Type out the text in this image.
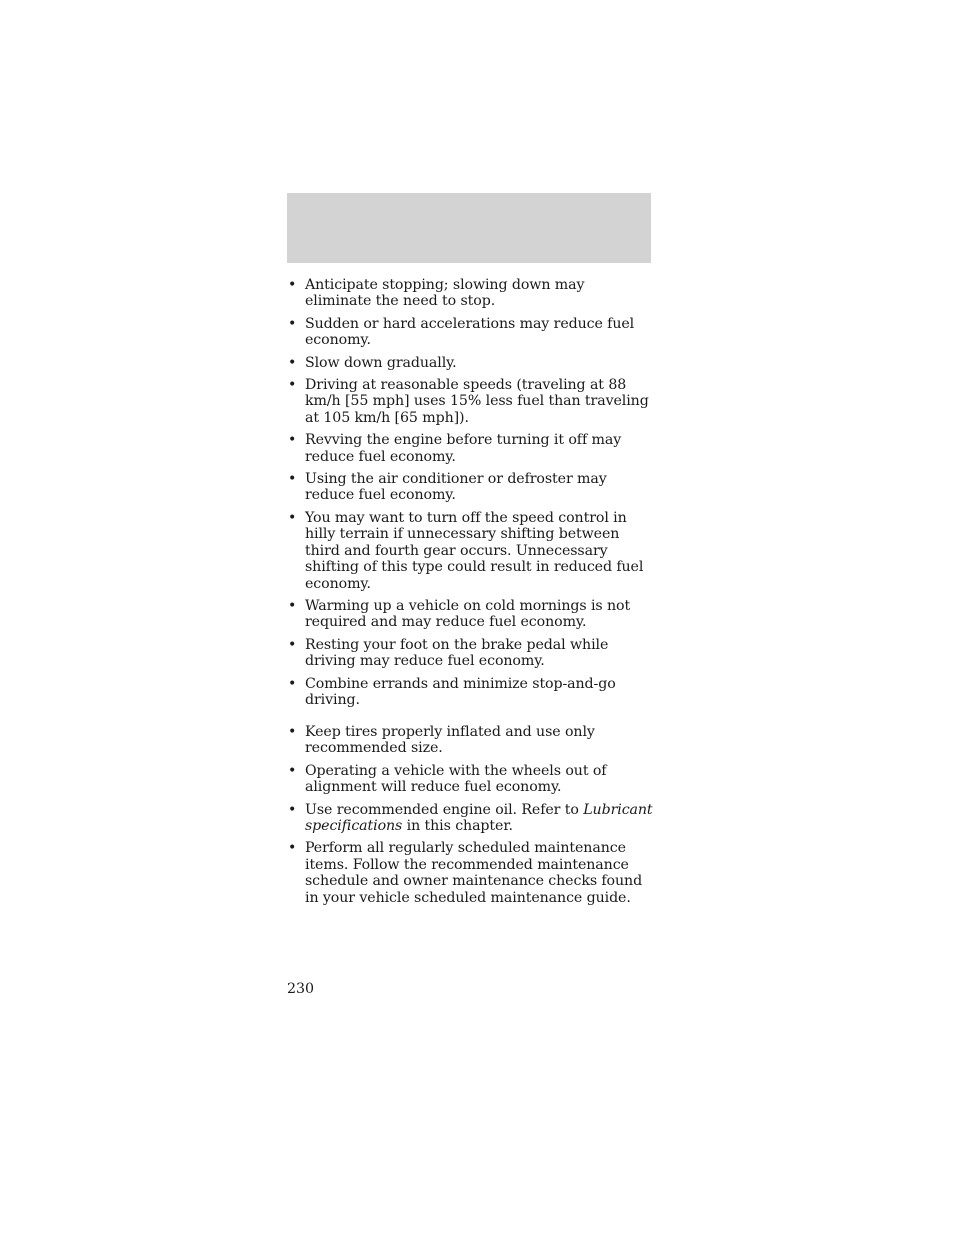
• Anticipate stopping; slowing down may eliminate the need to stop.
• Sudden or hard accelerations may reduce fuel economy.
• Slow down gradually.
• Driving at reasonable speeds (traveling at 88 km/h [55 mph] uses 15% less fuel than traveling at 105 km/h [65 mph]).
• Revving the engine before turning it off may reduce fuel economy.
• Using the air conditioner or defroster may reduce fuel economy.
• You may want to turn off the speed control in hilly terrain if unnecessary shifting between third and fourth gear occurs. Unnecessary shifting of this type could result in reduced fuel economy.
• Warming up a vehicle on cold mornings is not required and may reduce fuel economy.
• Resting your foot on the brake pedal while driving may reduce fuel economy.
• Combine errands and minimize stop-and-go driving.
• Keep tires properly inflated and use only recommended size.
• Operating a vehicle with the wheels out of alignment will reduce fuel economy.
• Use recommended engine oil. Refer to Lubricant specifications in this chapter.
• Perform all regularly scheduled maintenance items. Follow the recommended maintenance schedule and owner maintenance checks found in your vehicle scheduled maintenance guide.
230
